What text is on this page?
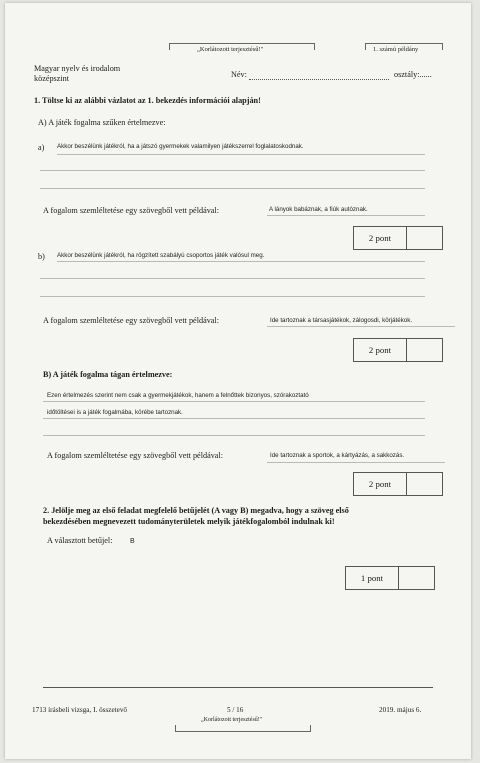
„Korlátozott terjesztésű!"	1. számú példány
Magyar nyelv és irodalom
középszint	Név:	osztály:......
1. Töltse ki az alábbi vázlatot az 1. bekezdés információi alapján!
A) A játék fogalma szűken értelmezve:
a) Akkor beszélünk játékról, ha a játszó gyermekek valamilyen játékszerrel foglalatoskodnak.
A fogalom szemléltetése egy szövegből vett példával:	A lányok babáznak, a fiúk autóznak.
2 pont
b) Akkor beszélünk játékról, ha rögzített szabályú csoportos játék valósul meg.
A fogalom szemléltetése egy szövegből vett példával:	Ide tartoznak a társasjátékok, zálogosdi, körjátékok.
2 pont
B) A játék fogalma tágan értelmezve:
Ezen értelmezés szerint nem csak a gyermekjátékok, hanem a felnőttek bizonyos, szórakoztató
időtöltései is a játék fogalmába, körébe tartoznak.
A fogalom szemléltetése egy szövegből vett példával:	Ide tartoznak a sportok, a kártyázás, a sakkozás.
2 pont
2. Jelölje meg az első feladat megfelelő betűjelét (A vagy B) megadva, hogy a szöveg első
bekezdésében megnevezett tudományterületek melyik játékfogalomból indulnak ki!
A választott betűjel:	B
1 pont
1713 írásbeli vizsga, I. összetevő	5 / 16	2019. május 6.
„Korlátozott terjesztésű!"
